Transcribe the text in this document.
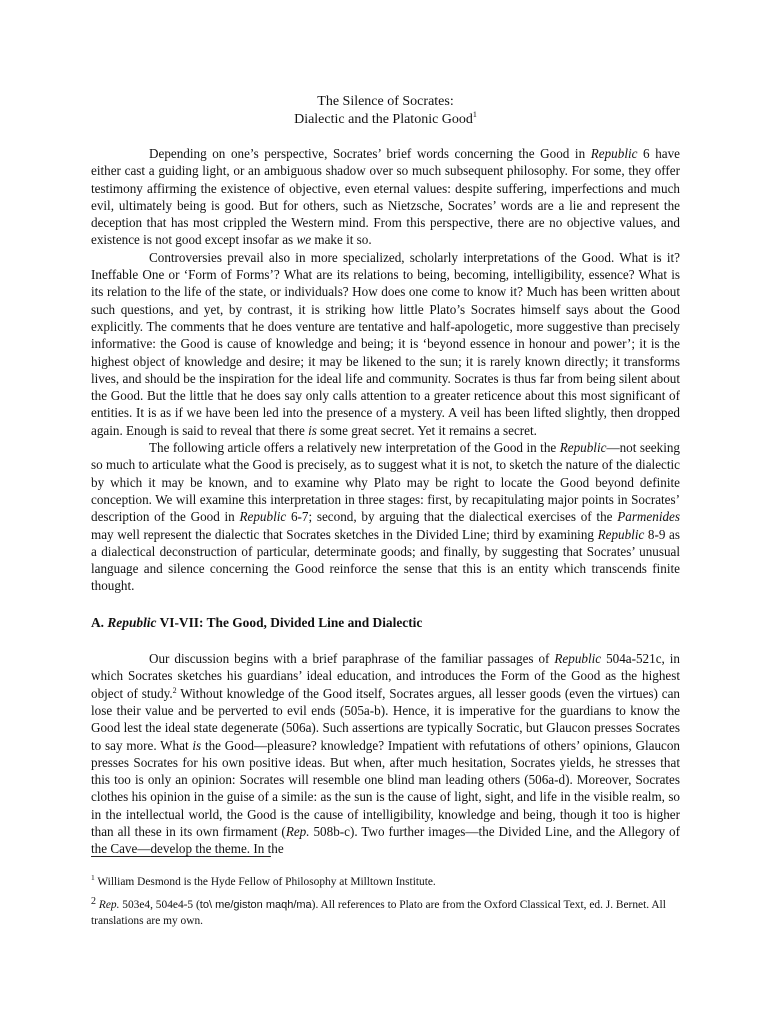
The Silence of Socrates:

Dialectic and the Platonic Good$^1$

Depending on one’s perspective, Socrates’ brief words concerning the Good in Republic 6 have either cast a guiding light, or an ambiguous shadow over so much subsequent philosophy. For some, they offer testimony affirming the existence of objective, even eternal values: despite suffering, imperfections and much evil, ultimately being is good. But for others, such as Nietzsche, Socrates’ words are a lie and represent the deception that has most crippled the Western mind. From this perspective, there are no objective values, and existence is not good except insofar as we make it so.

Controversies prevail also in more specialized, scholarly interpretations of the Good. What is it? Ineffable One or ‘Form of Forms’? What are its relations to being, becoming, intelligibility, essence? What is its relation to the life of the state, or individuals? How does one come to know it? Much has been written about such questions, and yet, by contrast, it is striking how little Plato’s Socrates himself says about the Good explicitly. The comments that he does venture are tentative and half-apologetic, more suggestive than precisely informative: the Good is cause of knowledge and being; it is ‘beyond essence in honour and power’; it is the highest object of knowledge and desire; it may be likened to the sun; it is rarely known directly; it transforms lives, and should be the inspiration for the ideal life and community. Socrates is thus far from being silent about the Good. But the little that he does say only calls attention to a greater reticence about this most significant of entities. It is as if we have been led into the presence of a mystery. A veil has been lifted slightly, then dropped again. Enough is said to reveal that there is some great secret. Yet it remains a secret.

The following article offers a relatively new interpretation of the Good in the Republic—not seeking so much to articulate what the Good is precisely, as to suggest what it is not, to sketch the nature of the dialectic by which it may be known, and to examine why Plato may be right to locate the Good beyond definite conception. We will examine this interpretation in three stages: first, by recapitulating major points in Socrates’ description of the Good in Republic 6-7; second, by arguing that the dialectical exercises of the Parmenides may well represent the dialectic that Socrates sketches in the Divided Line; third by examining Republic 8-9 as a dialectical deconstruction of particular, determinate goods; and finally, by suggesting that Socrates’ unusual language and silence concerning the Good reinforce the sense that this is an entity which transcends finite thought.

A. Republic VI-VII: The Good, Divided Line and Dialectic

Our discussion begins with a brief paraphrase of the familiar passages of Republic 504a-521c, in which Socrates sketches his guardians’ ideal education, and introduces the Form of the Good as the highest object of study.$^2$ Without knowledge of the Good itself, Socrates argues, all lesser goods (even the virtues) can lose their value and be perverted to evil ends (505a-b). Hence, it is imperative for the guardians to know the Good lest the ideal state degenerate (506a). Such assertions are typically Socratic, but Glaucon presses Socrates to say more. What is the Good—pleasure? knowledge? Impatient with refutations of others’ opinions, Glaucon presses Socrates for his own positive ideas. But when, after much hesitation, Socrates yields, he stresses that this too is only an opinion: Socrates will resemble one blind man leading others (506a-d). Moreover, Socrates clothes his opinion in the guise of a simile: as the sun is the cause of light, sight, and life in the visible realm, so in the intellectual world, the Good is the cause of intelligibility, knowledge and being, though it too is higher than all these in its own firmament (Rep. 508b-c). Two further images—the Divided Line, and the Allegory of the Cave—develop the theme. In the

$^1$ William Desmond is the Hyde Fellow of Philosophy at Milltown Institute.

$^2$ Rep. 503e4, 504e4-5 (to\ me/giston maqh/ma). All references to Plato are from the Oxford Classical Text, ed. J. Bernet. All translations are my own.
